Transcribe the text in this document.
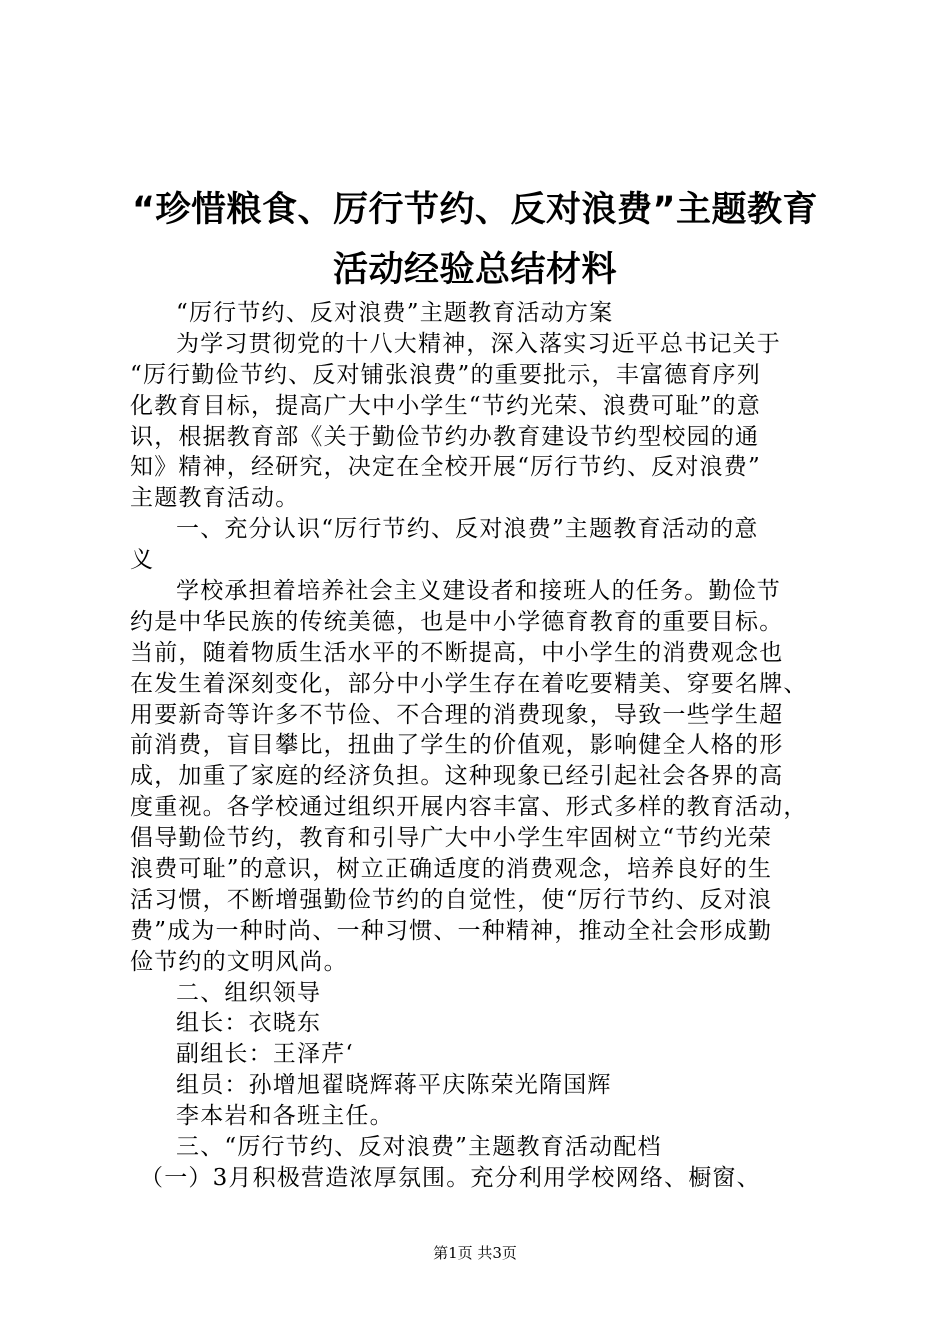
“珍惜粮食、厉行节约、反对浪费”主题教育
活动经验总结材料
“厉行节约、反对浪费”主题教育活动方案
为学习贯彻党的十八大精神，深入落实习近平总书记关于
“厉行勤俭节约、反对铺张浪费”的重要批示，丰富德育序列
化教育目标，提高广大中小学生“节约光荣、浪费可耻”的意
识，根据教育部《关于勤俭节约办教育建设节约型校园的通
知》精神，经研究，决定在全校开展“厉行节约、反对浪费”
主题教育活动。
一、充分认识“厉行节约、反对浪费”主题教育活动的意
义
学校承担着培养社会主义建设者和接班人的任务。勤俭节
约是中华民族的传统美德，也是中小学德育教育的重要目标。
当前，随着物质生活水平的不断提高，中小学生的消费观念也
在发生着深刻变化，部分中小学生存在着吃要精美、穿要名牌、
用要新奇等许多不节俭、不合理的消费现象，导致一些学生超
前消费，盲目攀比，扭曲了学生的价值观，影响健全人格的形
成，加重了家庭的经济负担。这种现象已经引起社会各界的高
度重视。各学校通过组织开展内容丰富、形式多样的教育活动，
倡导勤俭节约，教育和引导广大中小学生牢固树立“节约光荣
浪费可耻”的意识，树立正确适度的消费观念，培养良好的生
活习惯，不断增强勤俭节约的自觉性，使“厉行节约、反对浪
费”成为一种时尚、一种习惯、一种精神，推动全社会形成勤
俭节约的文明风尚。
二、组织领导
组长：衣晓东
副组长：王泽芹‘
组员：孙增旭翟晓辉蒋平庆陈荣光隋国辉
李本岩和各班主任。
三、“厉行节约、反对浪费”主题教育活动配档
（一）3月积极营造浓厚氛围。充分利用学校网络、橱窗、
第1页 共3页
